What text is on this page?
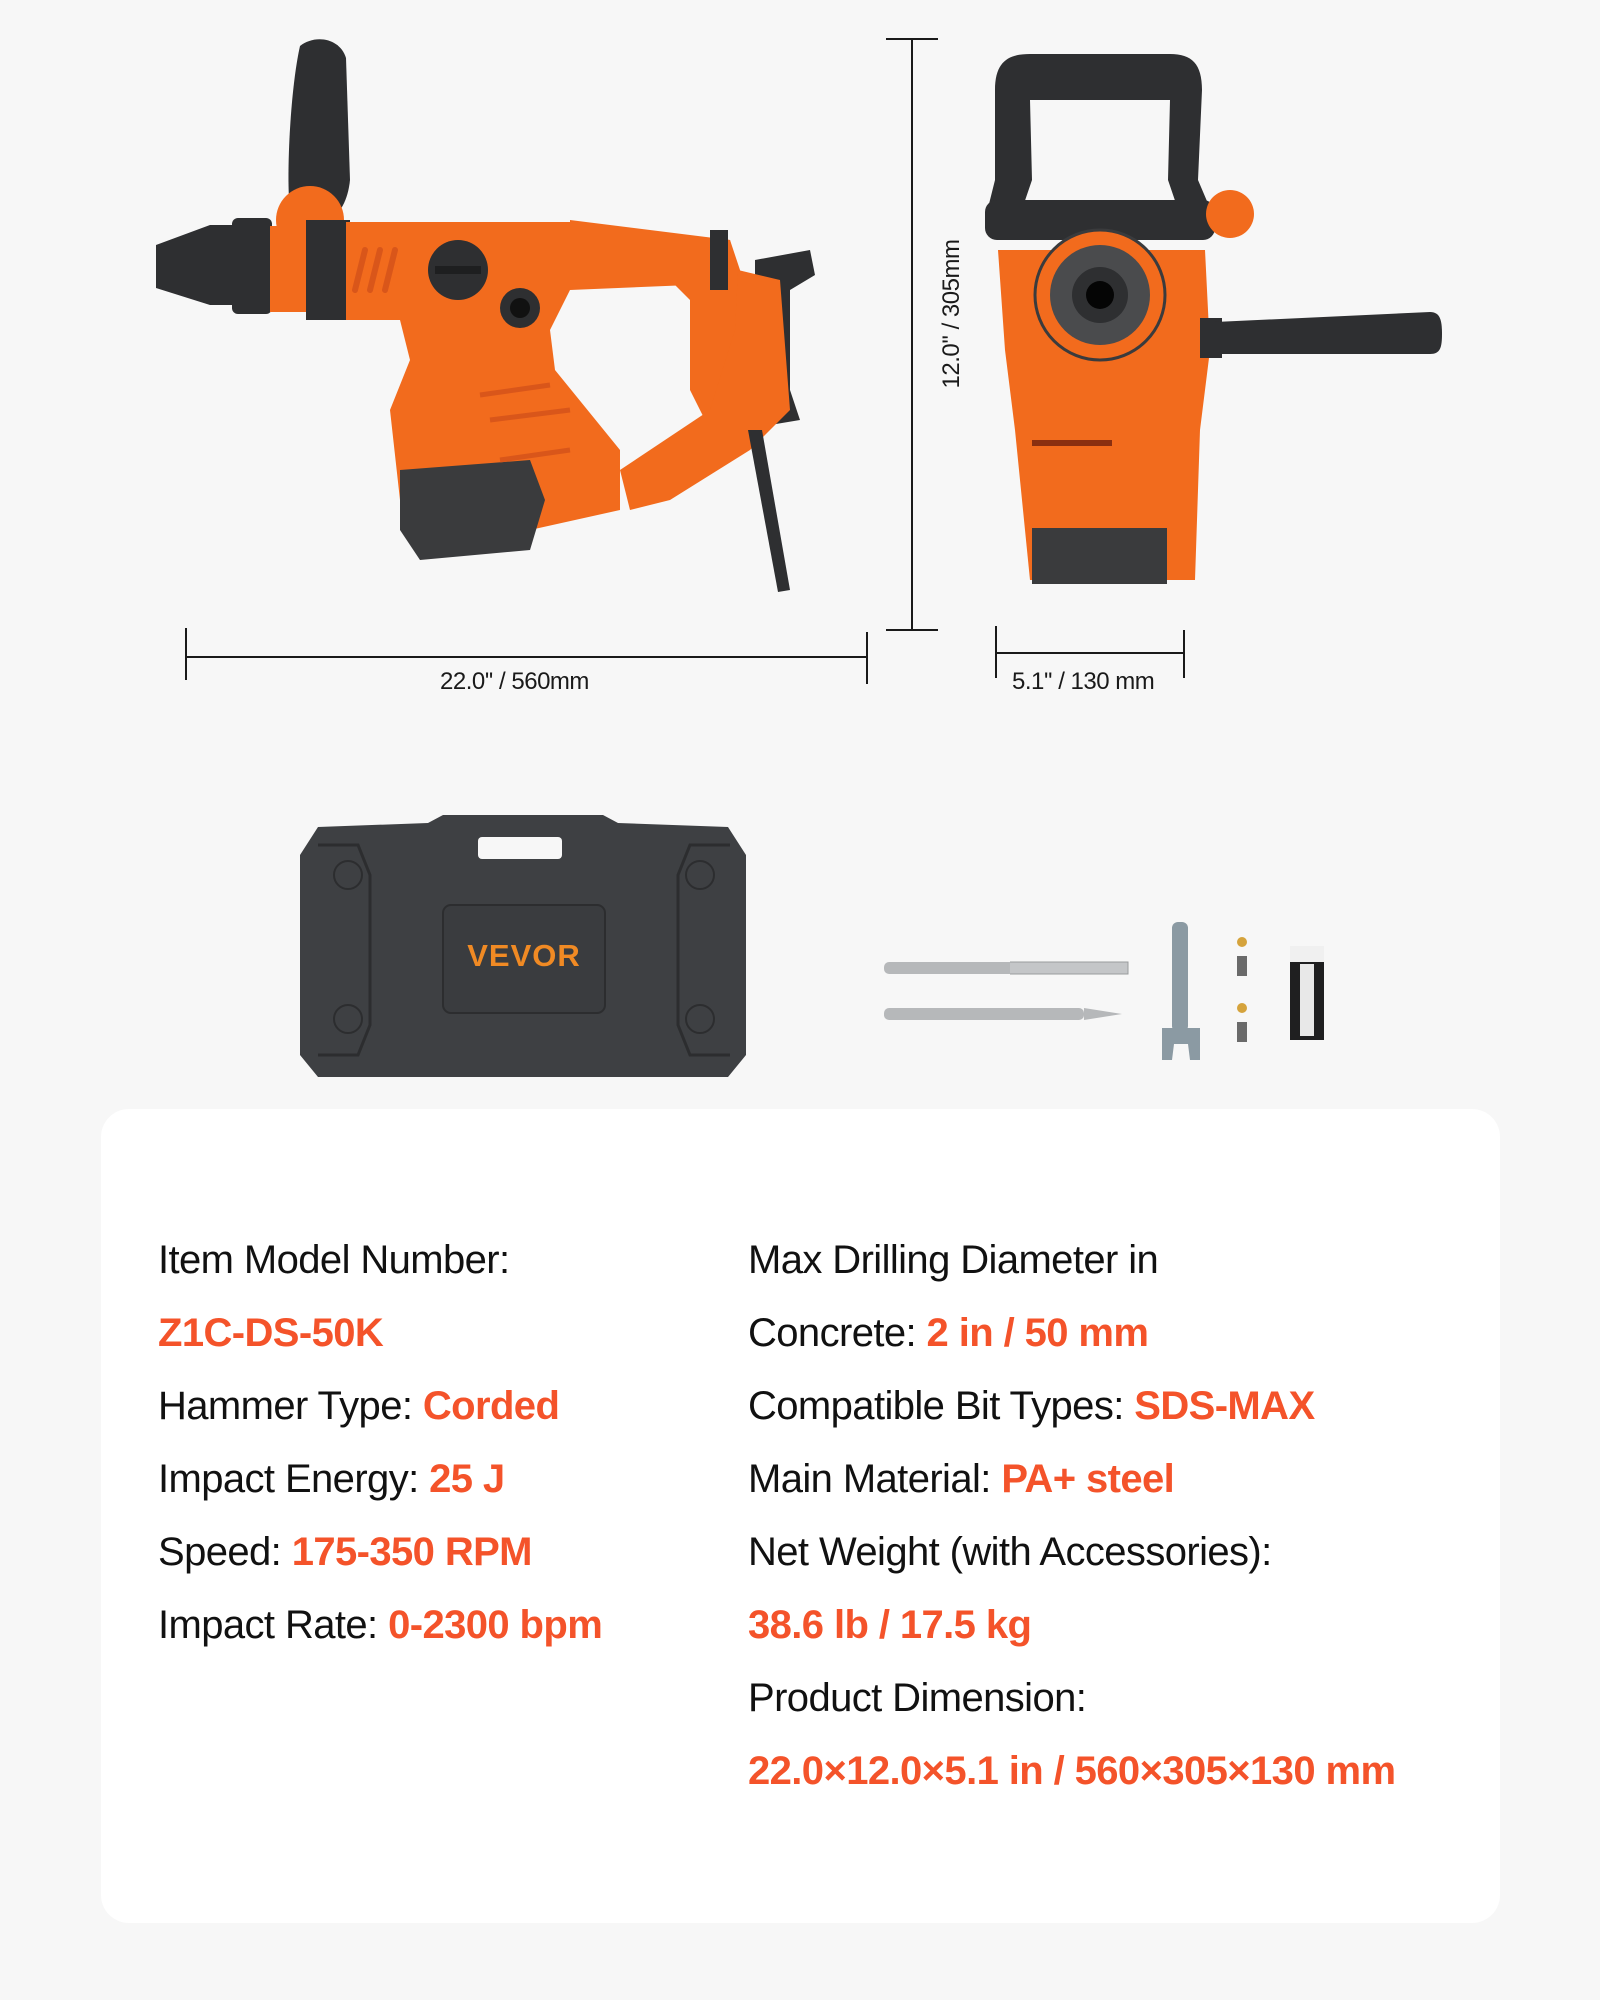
22.0'' / 560mm
12.0'' / 305mm
5.1'' / 130 mm
VEVOR
Item Model Number:
Z1C-DS-50K
Hammer Type: Corded
Impact Energy: 25 J
Speed: 175-350 RPM
Impact Rate: 0-2300 bpm
Max Drilling Diameter in
Concrete: 2 in / 50 mm
Compatible Bit Types: SDS-MAX
Main Material: PA+ steel
Net Weight (with Accessories):
38.6 lb / 17.5 kg
Product Dimension:
22.0×12.0×5.1 in / 560×305×130 mm
